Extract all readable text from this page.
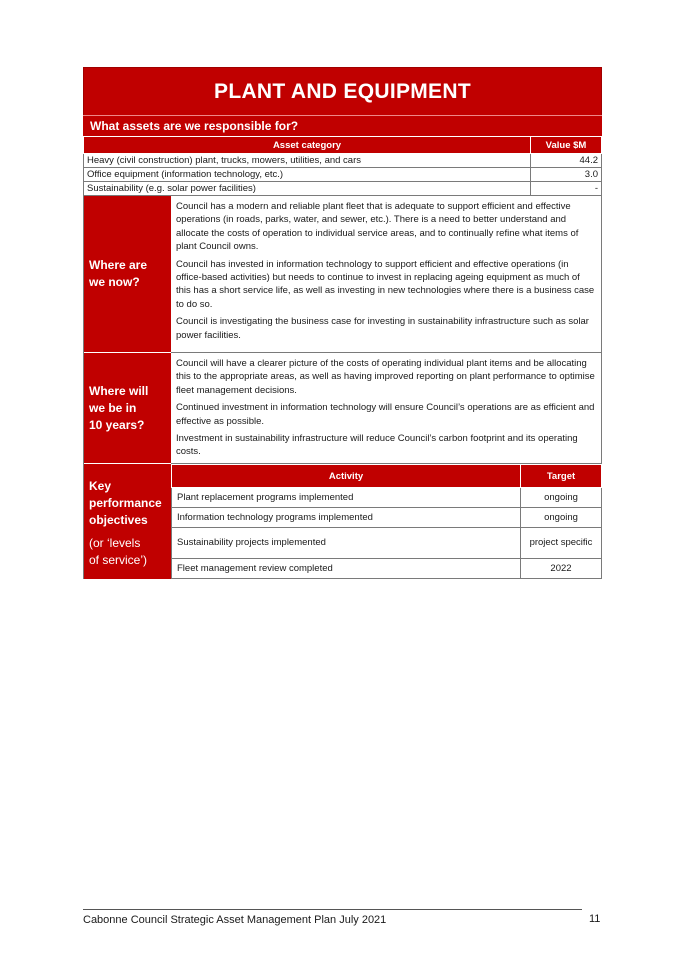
PLANT AND EQUIPMENT
What assets are we responsible for?
Asset category	Value $M
Heavy (civil construction) plant, trucks, mowers, utilities, and cars	44.2
Office equipment (information technology, etc.)	3.0
Sustainability (e.g. solar power facilities)	-
Where are
we now?

Council has a modern and reliable plant fleet that is adequate to support efficient and effective operations (in roads, parks, water, and sewer, etc.). There is a need to better understand and allocate the costs of operation to individual service areas, and to continually refine what items of plant Council owns.

Council has invested in information technology to support efficient and effective operations (in office-based activities) but needs to continue to invest in replacing ageing equipment as much of this has a short service life, as well as investing in new technologies where there is a business case to do so.

Council is investigating the business case for investing in sustainability infrastructure such as solar power facilities.

Where will
we be in
10 years?

Council will have a clearer picture of the costs of operating individual plant items and be allocating this to the appropriate areas, as well as having improved reporting on plant performance to optimise fleet management decisions.

Continued investment in information technology will ensure Council’s operations are as efficient and effective as possible.

Investment in sustainability infrastructure will reduce Council’s carbon footprint and its operating costs.

Key
performance
objectives
(or ‘levels
of service’)
Activity	Target
Plant replacement programs implemented	ongoing
Information technology programs implemented	ongoing
Sustainability projects implemented	project specific
Fleet management review completed	2022
Cabonne Council Strategic Asset Management Plan July 2021	11
